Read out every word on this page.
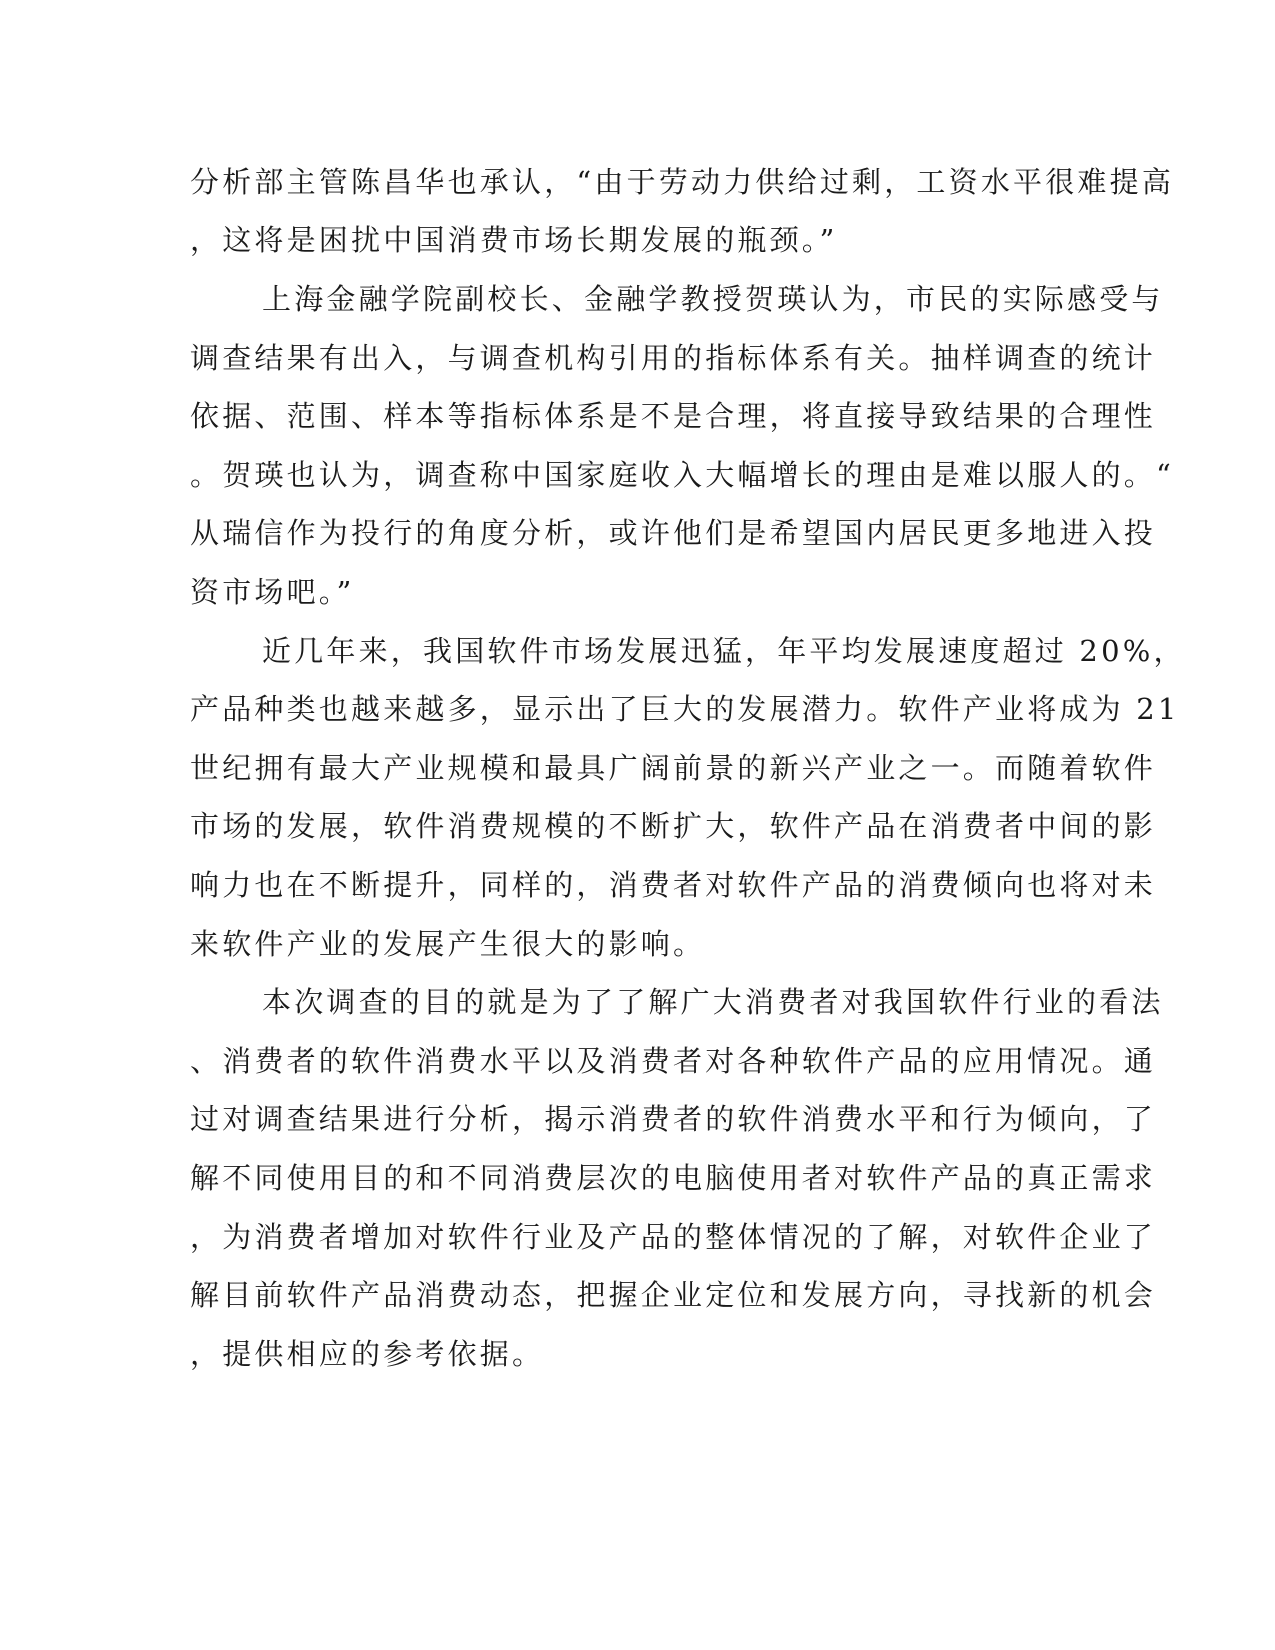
分析部主管陈昌华也承认，“由于劳动力供给过剩，工资水平很难提高
，这将是困扰中国消费市场长期发展的瓶颈。”
上海金融学院副校长、金融学教授贺瑛认为，市民的实际感受与
调查结果有出入，与调查机构引用的指标体系有关。抽样调查的统计
依据、范围、样本等指标体系是不是合理，将直接导致结果的合理性
。贺瑛也认为，调查称中国家庭收入大幅增长的理由是难以服人的。“
从瑞信作为投行的角度分析，或许他们是希望国内居民更多地进入投
资市场吧。”
近几年来，我国软件市场发展迅猛，年平均发展速度超过 20%，
产品种类也越来越多，显示出了巨大的发展潜力。软件产业将成为 21
世纪拥有最大产业规模和最具广阔前景的新兴产业之一。而随着软件
市场的发展，软件消费规模的不断扩大，软件产品在消费者中间的影
响力也在不断提升，同样的，消费者对软件产品的消费倾向也将对未
来软件产业的发展产生很大的影响。
本次调查的目的就是为了了解广大消费者对我国软件行业的看法
、消费者的软件消费水平以及消费者对各种软件产品的应用情况。通
过对调查结果进行分析，揭示消费者的软件消费水平和行为倾向，了
解不同使用目的和不同消费层次的电脑使用者对软件产品的真正需求
，为消费者增加对软件行业及产品的整体情况的了解，对软件企业了
解目前软件产品消费动态，把握企业定位和发展方向，寻找新的机会
，提供相应的参考依据。
